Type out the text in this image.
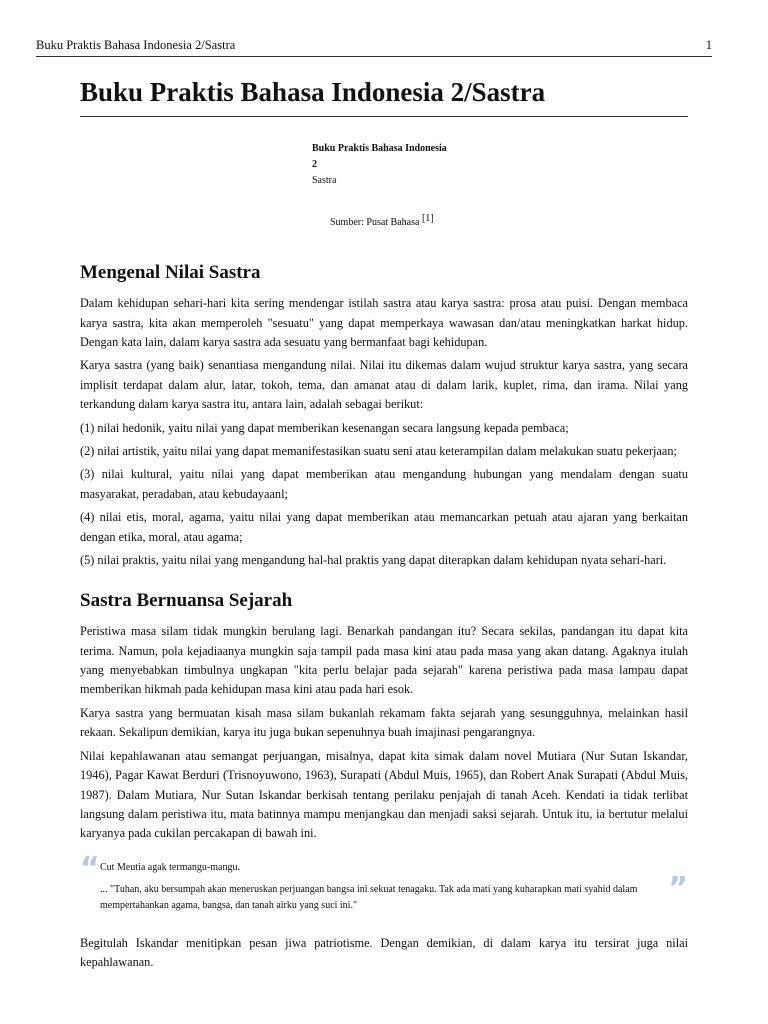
Buku Praktis Bahasa Indonesia 2/Sastra	1
Buku Praktis Bahasa Indonesia 2/Sastra
Buku Praktis Bahasa Indonesia
2
Sastra
Sumber: Pusat Bahasa [1]
Mengenal Nilai Sastra

Dalam kehidupan sehari-hari kita sering mendengar istilah sastra atau karya sastra: prosa atau puisi. Dengan membaca karya sastra, kita akan memperoleh "sesuatu" yang dapat memperkaya wawasan dan/atau meningkatkan harkat hidup. Dengan kata lain, dalam karya sastra ada sesuatu yang bermanfaat bagi kehidupan.

Karya sastra (yang baik) senantiasa mengandung nilai. Nilai itu dikemas dalam wujud struktur karya sastra, yang secara implisit terdapat dalam alur, latar, tokoh, tema, dan amanat atau di dalam larik, kuplet, rima, dan irama. Nilai yang terkandung dalam karya sastra itu, antara lain, adalah sebagai berikut:

(1) nilai hedonik, yaitu nilai yang dapat memberikan kesenangan secara langsung kepada pembaca;

(2) nilai artistik, yaitu nilai yang dapat memanifestasikan suatu seni atau keterampilan dalam melakukan suatu pekerjaan;

(3) nilai kultural, yaitu nilai yang dapat memberikan atau mengandung hubungan yang mendalam dengan suatu masyarakat, peradaban, atau kebudayaanl;

(4) nilai etis, moral, agama, yaitu nilai yang dapat memberikan atau memancarkan petuah atau ajaran yang berkaitan dengan etika, moral, atau agama;

(5) nilai praktis, yaitu nilai yang mengandung hal-hal praktis yang dapat diterapkan dalam kehidupan nyata sehari-hari.

Sastra Bernuansa Sejarah

Peristiwa masa silam tidak mungkin berulang lagi. Benarkah pandangan itu? Secara sekilas, pandangan itu dapat kita terima. Namun, pola kejadiaanya mungkin saja tampil pada masa kini atau pada masa yang akan datang. Agaknya itulah yang menyebabkan timbulnya ungkapan "kita perlu belajar pada sejarah" karena peristiwa pada masa lampau dapat memberikan hikmah pada kehidupan masa kini atau pada hari esok.

Karya sastra yang bermuatan kisah masa silam bukanlah rekamam fakta sejarah yang sesungguhnya, melainkan hasil rekaan. Sekalipun demikian, karya itu juga bukan sepenuhnya buah imajinasi pengarangnya.

Nilai kepahlawanan atau semangat perjuangan, misalnya, dapat kita simak dalam novel Mutiara (Nur Sutan Iskandar, 1946), Pagar Kawat Berduri (Trisnoyuwono, 1963), Surapati (Abdul Muis, 1965), dan Robert Anak Surapati (Abdul Muis, 1987). Dalam Mutiara, Nur Sutan Iskandar berkisah tentang perilaku penjajah di tanah Aceh. Kendati ia tidak terlibat langsung dalam peristiwa itu, mata batinnya mampu menjangkau dan menjadi saksi sejarah. Untuk itu, ia bertutur melalui karyanya pada cukilan percakapan di bawah ini.

“ Cut Meutia agak termangu-mangu.
... "Tuhan, aku bersumpah akan meneruskan perjuangan bangsa ini sekuat tenagaku. Tak ada mati yang kuharapkan mati syahid dalam mempertahankan agama, bangsa, dan tanah airku yang suci ini."	”

Begitulah Iskandar menitipkan pesan jiwa patriotisme. Dengan demikian, di dalam karya itu tersirat juga nilai kepahlawanan.
